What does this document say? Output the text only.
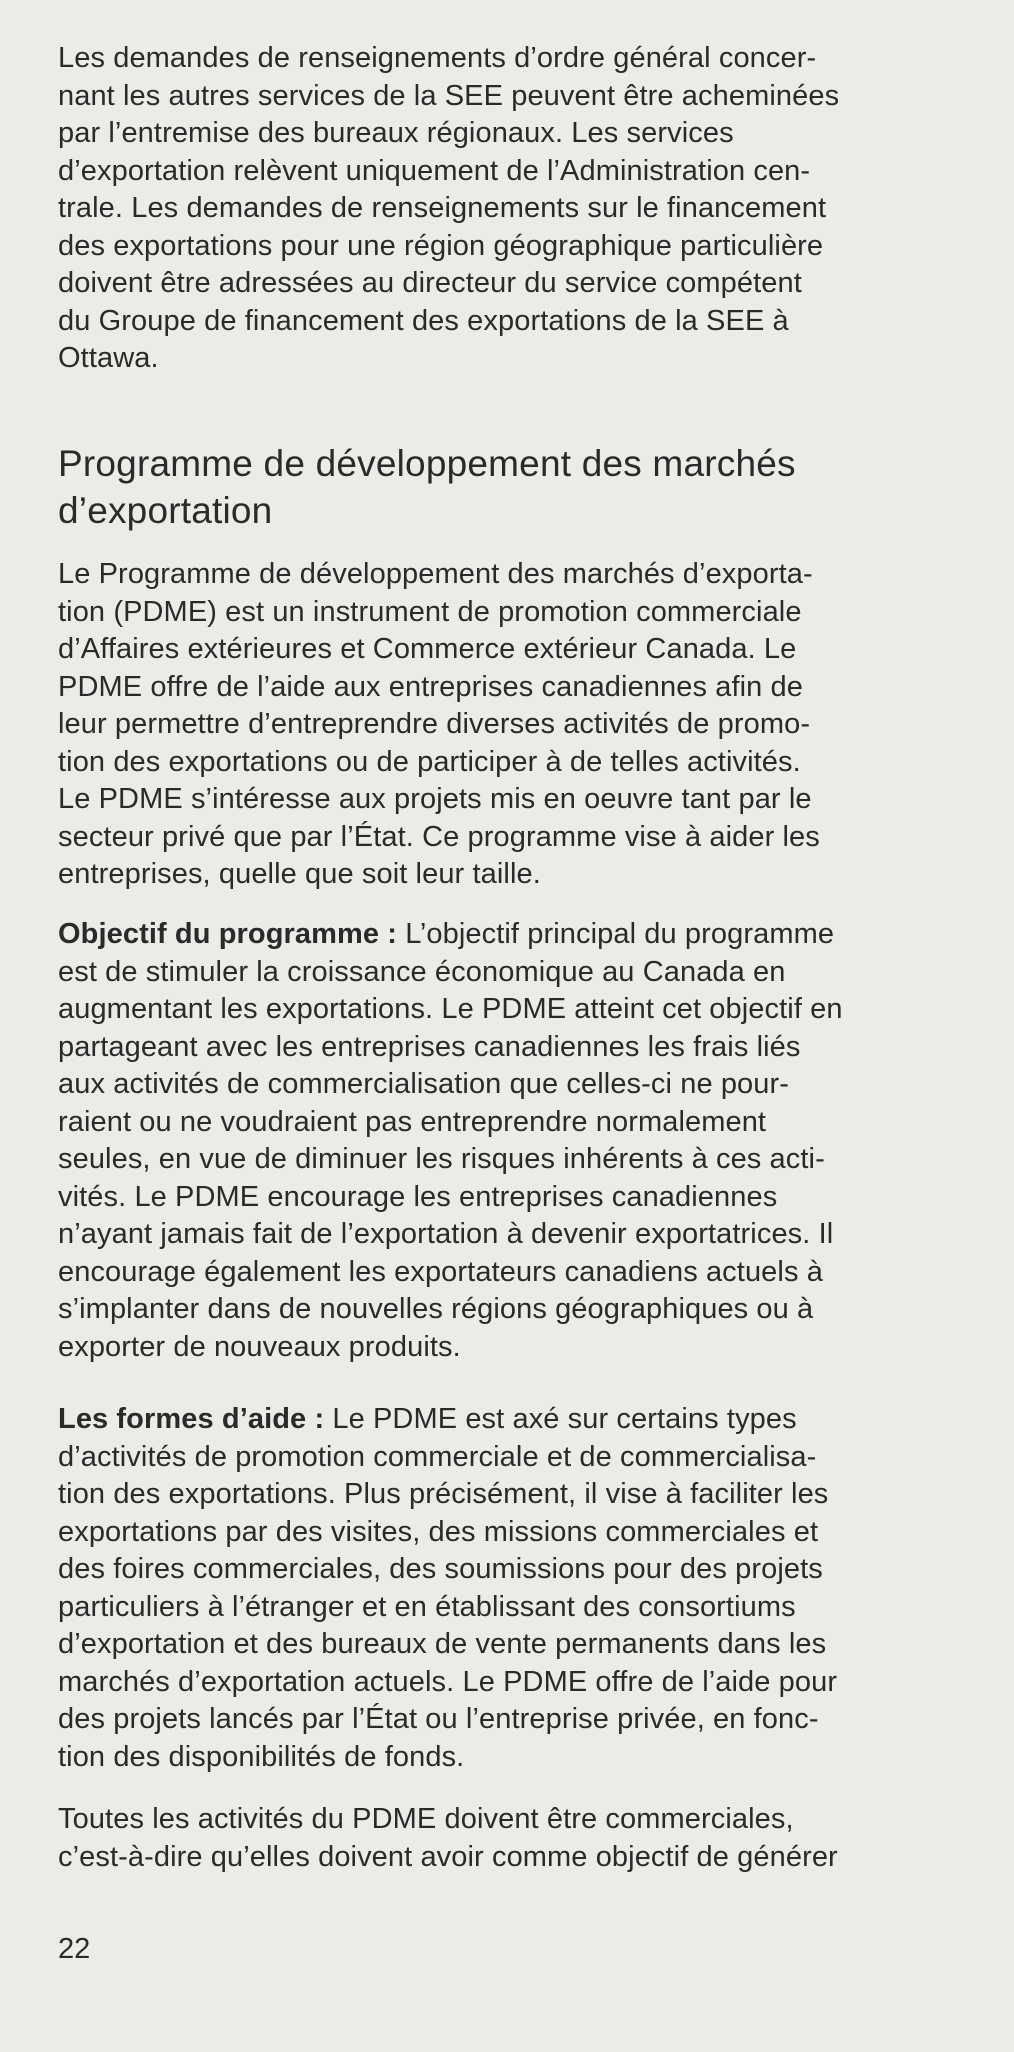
Les demandes de renseignements d’ordre général concer-
nant les autres services de la SEE peuvent être acheminées
par l’entremise des bureaux régionaux. Les services
d’exportation relèvent uniquement de l’Administration cen-
trale. Les demandes de renseignements sur le financement
des exportations pour une région géographique particulière
doivent être adressées au directeur du service compétent
du Groupe de financement des exportations de la SEE à
Ottawa.

Programme de développement des marchés
d’exportation

Le Programme de développement des marchés d’exporta-
tion (PDME) est un instrument de promotion commerciale
d’Affaires extérieures et Commerce extérieur Canada. Le
PDME offre de l’aide aux entreprises canadiennes afin de
leur permettre d’entreprendre diverses activités de promo-
tion des exportations ou de participer à de telles activités.
Le PDME s’intéresse aux projets mis en oeuvre tant par le
secteur privé que par l’État. Ce programme vise à aider les
entreprises, quelle que soit leur taille.

Objectif du programme : L’objectif principal du programme
est de stimuler la croissance économique au Canada en
augmentant les exportations. Le PDME atteint cet objectif en
partageant avec les entreprises canadiennes les frais liés
aux activités de commercialisation que celles-ci ne pour-
raient ou ne voudraient pas entreprendre normalement
seules, en vue de diminuer les risques inhérents à ces acti-
vités. Le PDME encourage les entreprises canadiennes
n’ayant jamais fait de l’exportation à devenir exportatrices. Il
encourage également les exportateurs canadiens actuels à
s’implanter dans de nouvelles régions géographiques ou à
exporter de nouveaux produits.

Les formes d’aide : Le PDME est axé sur certains types
d’activités de promotion commerciale et de commercialisa-
tion des exportations. Plus précisément, il vise à faciliter les
exportations par des visites, des missions commerciales et
des foires commerciales, des soumissions pour des projets
particuliers à l’étranger et en établissant des consortiums
d’exportation et des bureaux de vente permanents dans les
marchés d’exportation actuels. Le PDME offre de l’aide pour
des projets lancés par l’État ou l’entreprise privée, en fonc-
tion des disponibilités de fonds.

Toutes les activités du PDME doivent être commerciales,
c’est-à-dire qu’elles doivent avoir comme objectif de générer

22
